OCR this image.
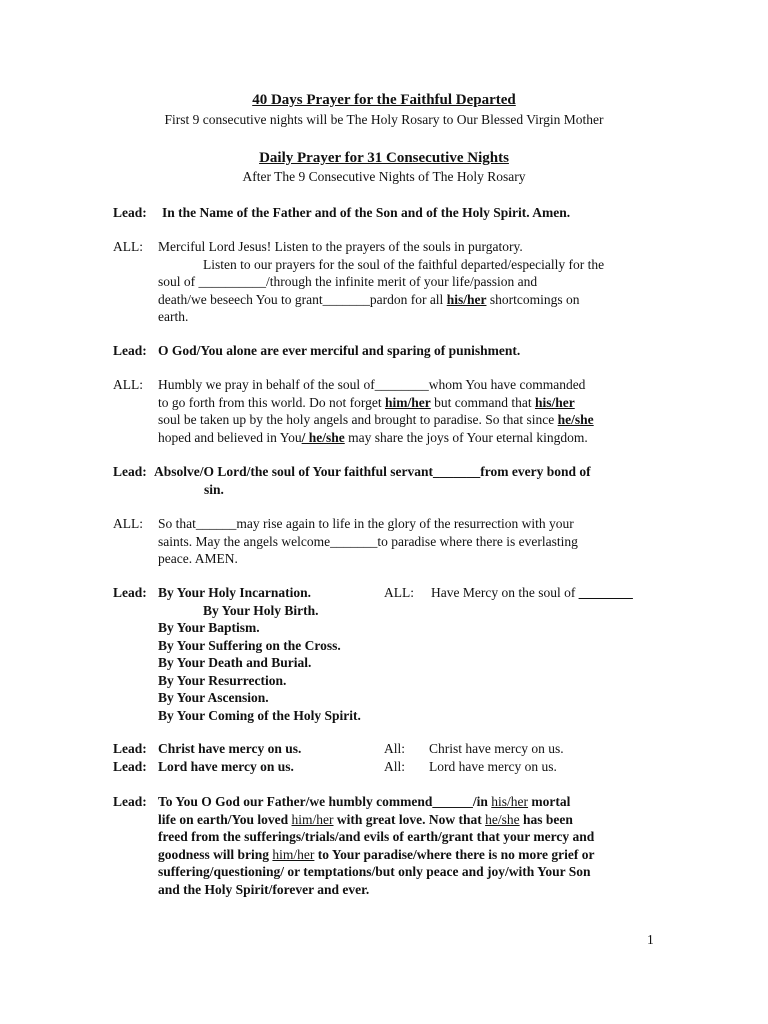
40 Days Prayer for the Faithful Departed
First 9 consecutive nights will be The Holy Rosary to Our Blessed Virgin Mother
Daily Prayer for 31 Consecutive Nights
After The 9 Consecutive Nights of The Holy Rosary
Lead: In the Name of the Father and of the Son and of the Holy Spirit. Amen.
ALL: Merciful Lord Jesus! Listen to the prayers of the souls in purgatory.
Listen to our prayers for the soul of the faithful departed/especially for the
soul of __________/through the infinite merit of your life/passion and
death/we beseech You to grant_______pardon for all his/her shortcomings on
earth.
Lead: O God/You alone are ever merciful and sparing of punishment.
ALL: Humbly we pray in behalf of the soul of________whom You have commanded
to go forth from this world. Do not forget him/her but command that his/her
soul be taken up by the holy angels and brought to paradise. So that since he/she
hoped and believed in You/ he/she may share the joys of Your eternal kingdom.
Lead: Absolve/O Lord/the soul of Your faithful servant_______from every bond of
sin.
ALL: So that______may rise again to life in the glory of the resurrection with your
saints. May the angels welcome_______to paradise where there is everlasting
peace. AMEN.
Lead: By Your Holy Incarnation.
By Your Holy Birth.
By Your Baptism.
By Your Suffering on the Cross.
By Your Death and Burial.
By Your Resurrection.
By Your Ascension.
By Your Coming of the Holy Spirit.
ALL: Have Mercy on the soul of ________
Lead: Christ have mercy on us.	All: Christ have mercy on us.
Lead: Lord have mercy on us.	All: Lord have mercy on us.
Lead: To You O God our Father/we humbly commend______/in his/her mortal
life on earth/You loved him/her with great love. Now that he/she has been
freed from the sufferings/trials/and evils of earth/grant that your mercy and
goodness will bring him/her to Your paradise/where there is no more grief or
suffering/questioning/ or temptations/but only peace and joy/with Your Son
and the Holy Spirit/forever and ever.
1
